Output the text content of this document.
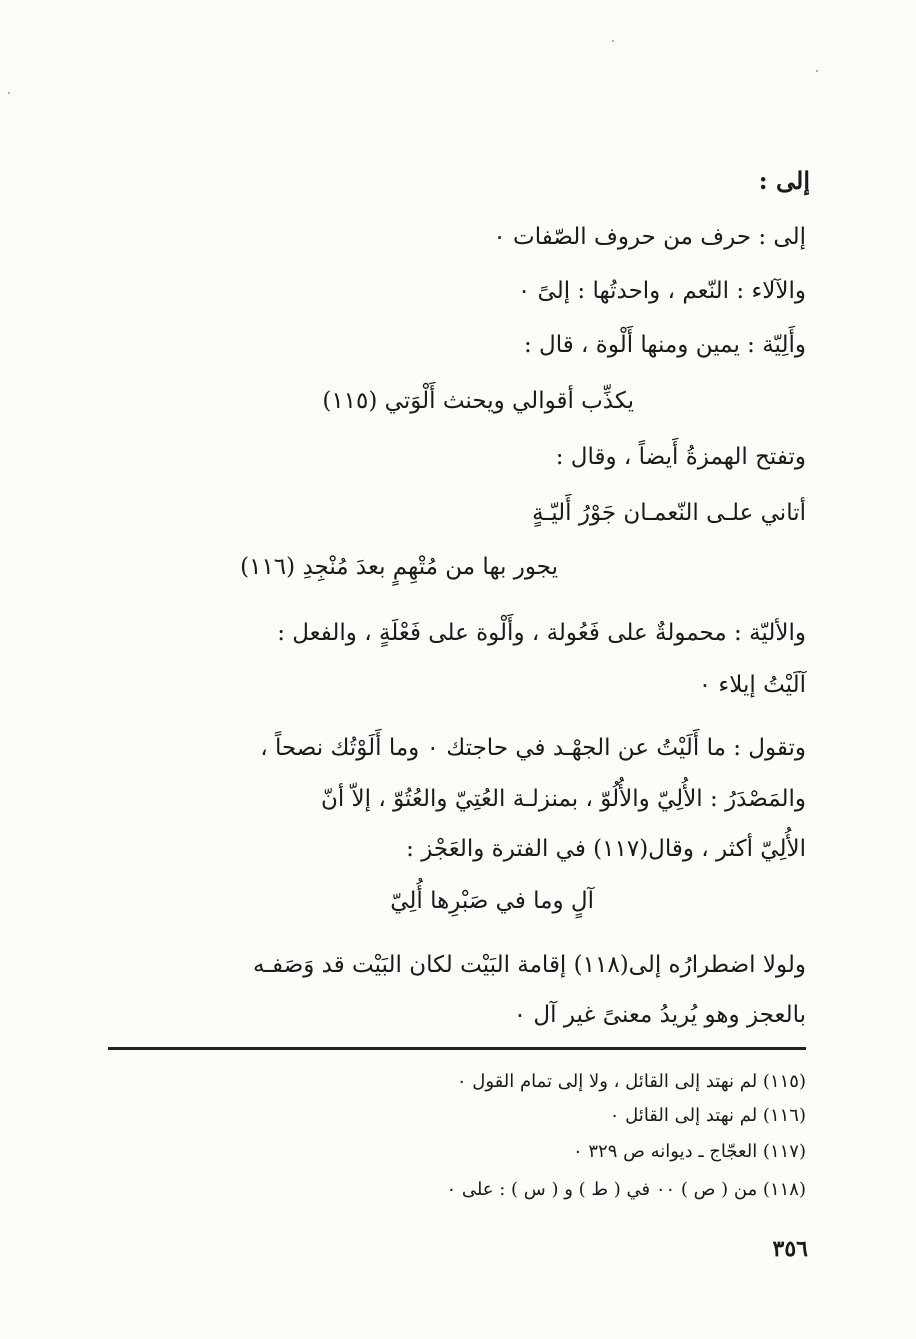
إلى :
إلى : حرف من حروف الصّفات ٠
والآلاء : النّعم ، واحدتُها : إلىً ٠
وأَلِيّة : يمين ومنها أَلْوة ، قال :
يكذِّب أقوالي ويحنث أَلْوَتي (١١٥)
وتفتح الهمزةُ أَيضاً ، وقال :
أتاني علـى النّعمـان جَوْرُ أَليّـةٍ
يجور بها من مُتْهِمٍ بعدَ مُنْجِدِ (١١٦)
والأليّة : محمولةٌ على فَعُولة ، وأَلْوة على فَعْلَةٍ ، والفعل :
آلَيْتُ إيلاء ٠
وتقول : ما أَلَيْتُ عن الجهْـد في حاجتك ٠ وما أَلَوْتُك نصحاً ،
والمَصْدَرُ : الأُلِيّ والأُلُوّ ، بمنزلـة العُتِيّ والعُتُوّ ، إلاّ أنّ
الأُلِيّ أكثر ، وقال(١١٧) في الفترة والعَجْز :
آلٍ وما في صَبْرِها أُلِيّ
ولولا اضطرارُه إلى(١١٨) إقامة البَيْت لكان البَيْت قد وَصَفـه
بالعجز وهو يُريدُ معنىً غير آل ٠
(١١٥) لم نهتد إلى القائل ، ولا إلى تمام القول ٠
(١١٦) لم نهتد إلى القائل ٠
(١١٧) العجّاج ـ ديوانه ص ٣٢٩ ٠
(١١٨) من ( ص ) ٠٠ في ( ط ) و ( س ) : على ٠
٣٥٦
